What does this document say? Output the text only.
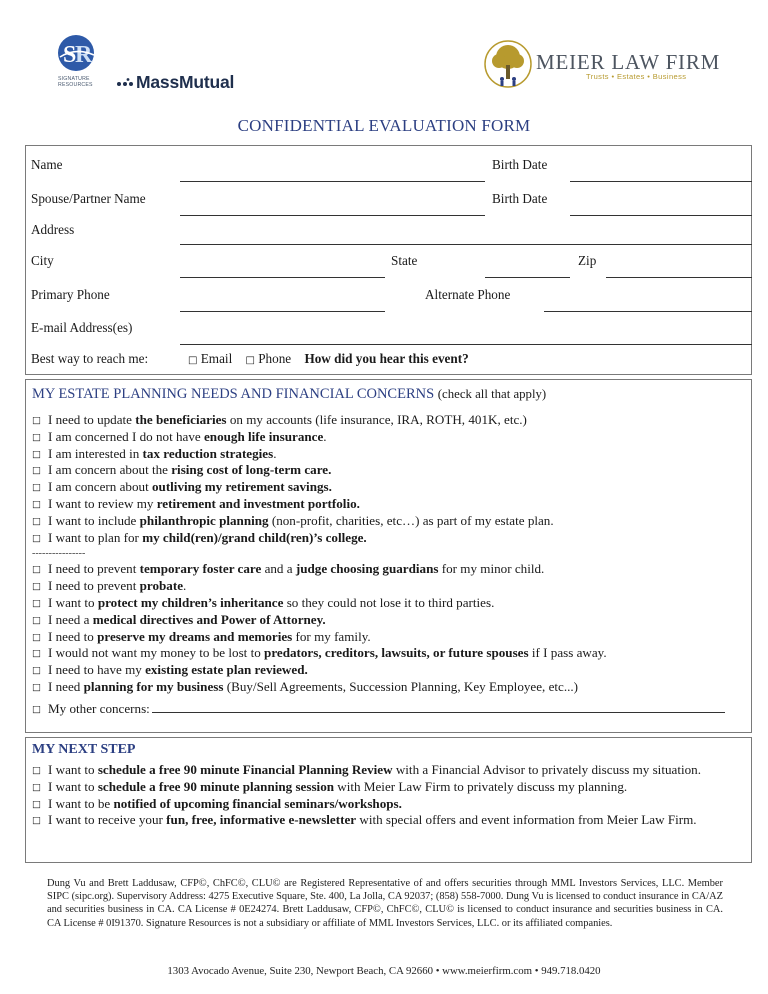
S
R
SIGNATURE RESOURCES	MassMutual
MEIER LAW FIRM
Trusts • Estates • Business
CONFIDENTIAL EVALUATION FORM
Name	Birth Date
Spouse/Partner Name	Birth Date
Address
City	State	Zip
Primary Phone	Alternate Phone
E-mail Address(es)
Best way to reach me:	□ Email □ Phone How did you hear this event?
MY ESTATE PLANNING NEEDS AND FINANCIAL CONCERNS (check all that apply)
□ I need to update the beneficiaries on my accounts (life insurance, IRA, ROTH, 401K, etc.)
□ I am concerned I do not have enough life insurance.
□ I am interested in tax reduction strategies.
□ I am concern about the rising cost of long-term care.
□ I am concern about outliving my retirement savings.
□ I want to review my retirement and investment portfolio.
□ I want to include philanthropic planning (non-profit, charities, etc…) as part of my estate plan.
□ I want to plan for my child(ren)/grand child(ren)’s college.
----------------
□ I need to prevent temporary foster care and a judge choosing guardians for my minor child.
□ I need to prevent probate.
□ I want to protect my children’s inheritance so they could not lose it to third parties.
□ I need a medical directives and Power of Attorney.
□ I need to preserve my dreams and memories for my family.
□ I would not want my money to be lost to predators, creditors, lawsuits, or future spouses if I pass away.
□ I need to have my existing estate plan reviewed.
□ I need planning for my business (Buy/Sell Agreements, Succession Planning, Key Employee, etc...)
□ My other concerns:
MY NEXT STEP
□ I want to schedule a free 90 minute Financial Planning Review with a Financial Advisor to privately discuss my situation.
□ I want to schedule a free 90 minute planning session with Meier Law Firm to privately discuss my planning.
□ I want to be notified of upcoming financial seminars/workshops.
□ I want to receive your fun, free, informative e-newsletter with special offers and event information from Meier Law Firm.
Dung Vu and Brett Laddusaw, CFP©, ChFC©, CLU© are Registered Representative of and offers securities through MML Investors Services, LLC. Member SIPC (sipc.org). Supervisory Address: 4275 Executive Square, Ste. 400, La Jolla, CA 92037; (858) 558-7000. Dung Vu is licensed to conduct insurance in CA/AZ and securities business in CA. CA License # 0E24274. Brett Laddusaw, CFP©, ChFC©, CLU© is licensed to conduct insurance and securities business in CA. CA License # 0I91370. Signature Resources is not a subsidiary or affiliate of MML Investors Services, LLC. or its affiliated companies.
1303 Avocado Avenue, Suite 230, Newport Beach, CA 92660 • www.meierfirm.com • 949.718.0420
